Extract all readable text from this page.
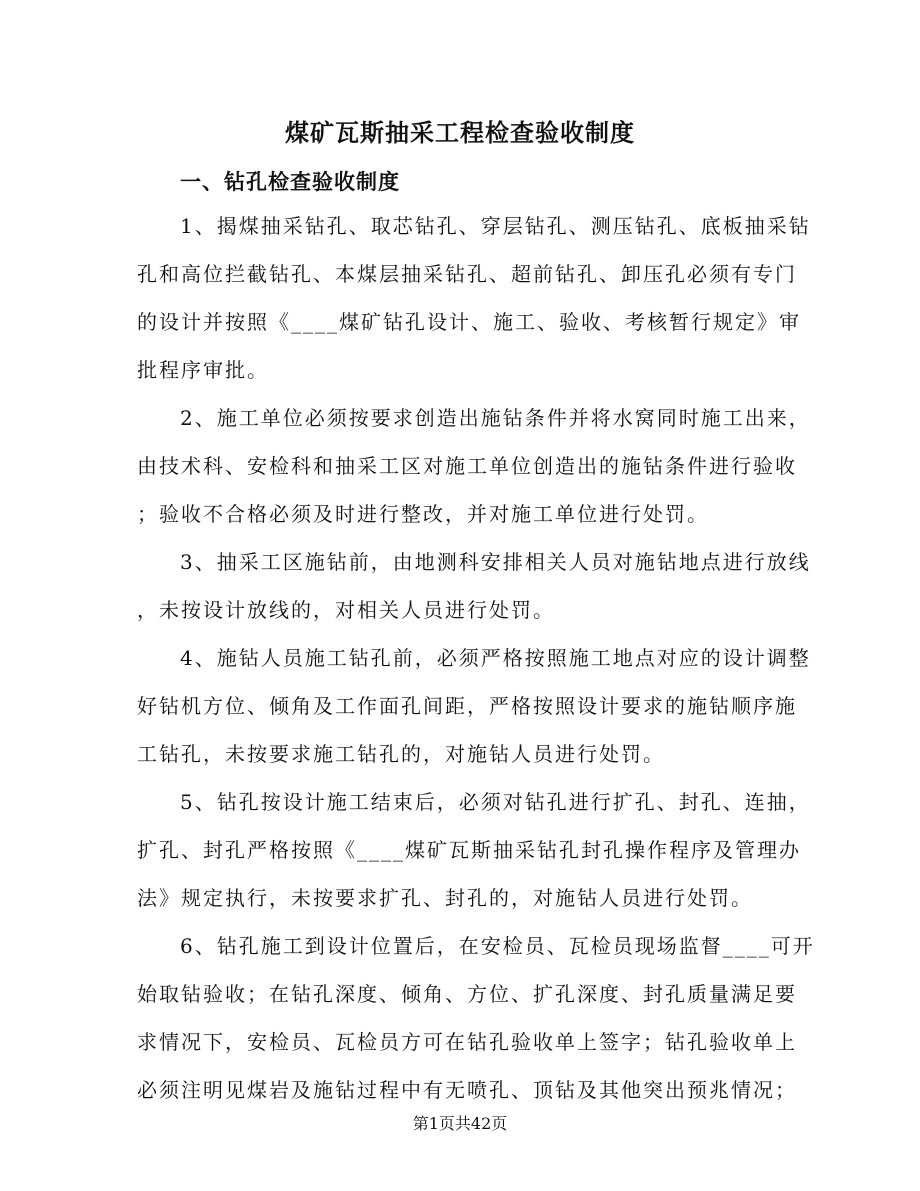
煤矿瓦斯抽采工程检查验收制度
一、钻孔检查验收制度
1、揭煤抽采钻孔、取芯钻孔、穿层钻孔、测压钻孔、底板抽采钻
孔和高位拦截钻孔、本煤层抽采钻孔、超前钻孔、卸压孔必须有专门
的设计并按照《____煤矿钻孔设计、施工、验收、考核暂行规定》审
批程序审批。
2、施工单位必须按要求创造出施钻条件并将水窝同时施工出来，
由技术科、安检科和抽采工区对施工单位创造出的施钻条件进行验收
；验收不合格必须及时进行整改，并对施工单位进行处罚。
3、抽采工区施钻前，由地测科安排相关人员对施钻地点进行放线
，未按设计放线的，对相关人员进行处罚。
4、施钻人员施工钻孔前，必须严格按照施工地点对应的设计调整
好钻机方位、倾角及工作面孔间距，严格按照设计要求的施钻顺序施
工钻孔，未按要求施工钻孔的，对施钻人员进行处罚。
5、钻孔按设计施工结束后，必须对钻孔进行扩孔、封孔、连抽，
扩孔、封孔严格按照《____煤矿瓦斯抽采钻孔封孔操作程序及管理办
法》规定执行，未按要求扩孔、封孔的，对施钻人员进行处罚。
6、钻孔施工到设计位置后，在安检员、瓦检员现场监督____可开
始取钻验收；在钻孔深度、倾角、方位、扩孔深度、封孔质量满足要
求情况下，安检员、瓦检员方可在钻孔验收单上签字；钻孔验收单上
必须注明见煤岩及施钻过程中有无喷孔、顶钻及其他突出预兆情况；
第1页共42页
